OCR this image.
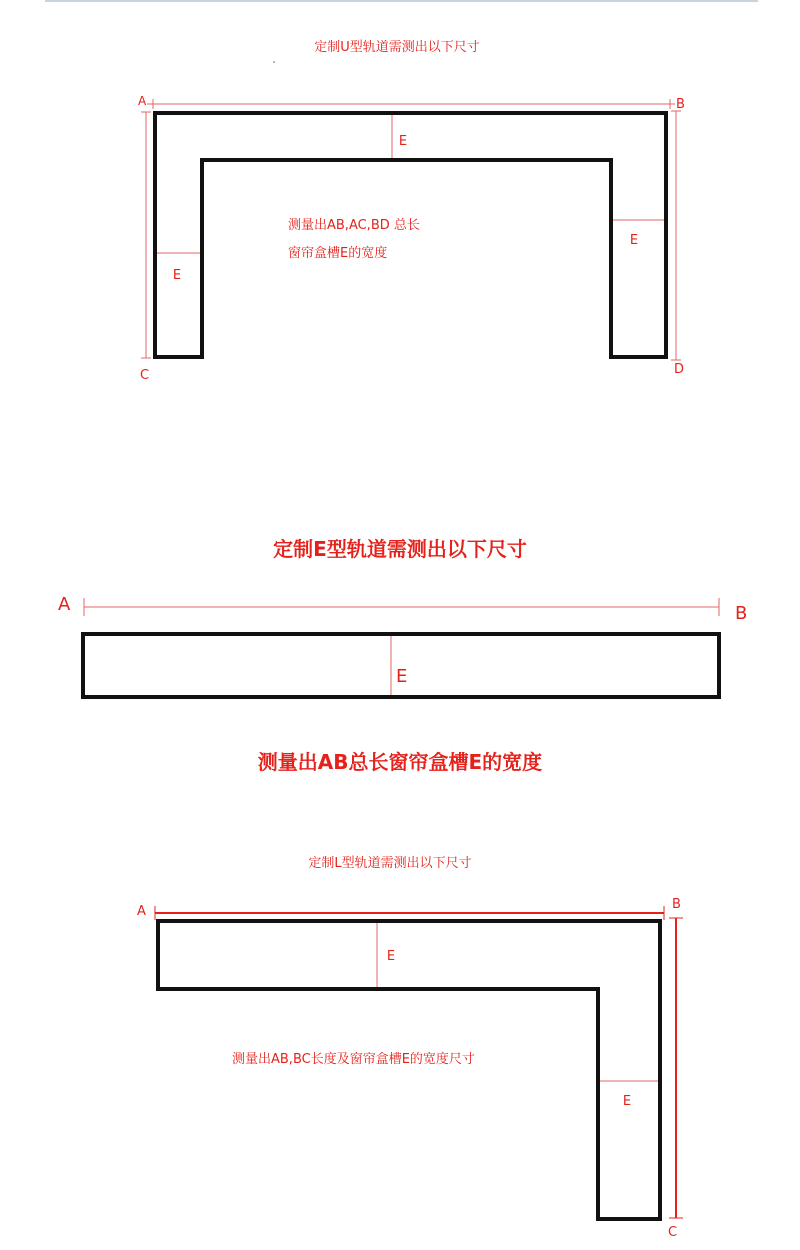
定制U型轨道需测出以下尺寸
E
E
E
A	B
C	D
测量出AB,AC,BD 总长
窗帘盒槽E的宽度
定制E型轨道需测出以下尺寸
A	B
E
测量出AB总长窗帘盒槽E的宽度
定制L型轨道需测出以下尺寸
E
E
A	B
C
测量出AB,BC长度及窗帘盒槽E的宽度尺寸
